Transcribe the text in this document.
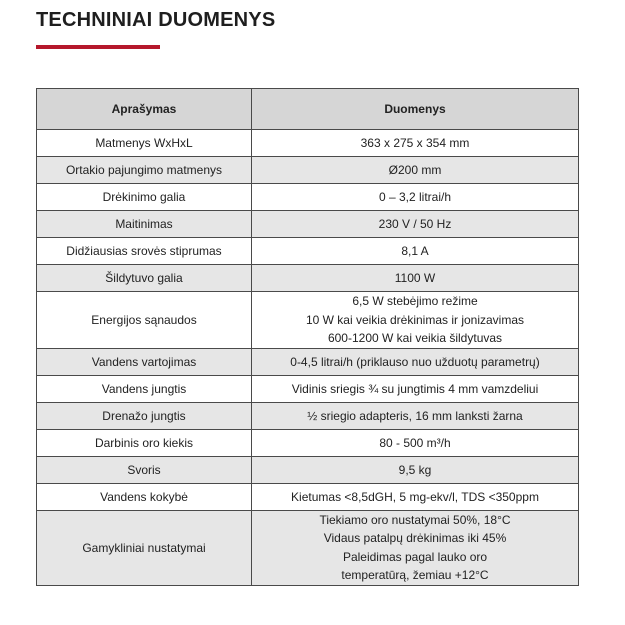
TECHNINIAI DUOMENYS
Aprašymas	Duomenys
Matmenys WxHxL	363 x 275 x 354 mm
Ortakio pajungimo matmenys	Ø200 mm
Drėkinimo galia	0 – 3,2 litrai/h
Maitinimas	230 V / 50 Hz
Didžiausias srovės stiprumas	8,1 A
Šildytuvo galia	1100 W
Energijos sąnaudos	6,5 W stebėjimo režime
10 W kai veikia drėkinimas ir jonizavimas
600-1200 W kai veikia šildytuvas

Vandens vartojimas	0-4,5 litrai/h (priklauso nuo užduotų parametrų)
Vandens jungtis	Vidinis sriegis ¾ su jungtimis 4 mm vamzdeliui
Drenažo jungtis	½ sriegio adapteris, 16 mm lanksti žarna
Darbinis oro kiekis	80 - 500 m³/h
Svoris	9,5 kg
Vandens kokybė	Kietumas <8,5dGH, 5 mg-ekv/l, TDS <350ppm
Gamykliniai nustatymai	Tiekiamo oro nustatymai 50%, 18°C
Vidaus patalpų drėkinimas iki 45%
Paleidimas pagal lauko oro
temperatūrą, žemiau +12°C
